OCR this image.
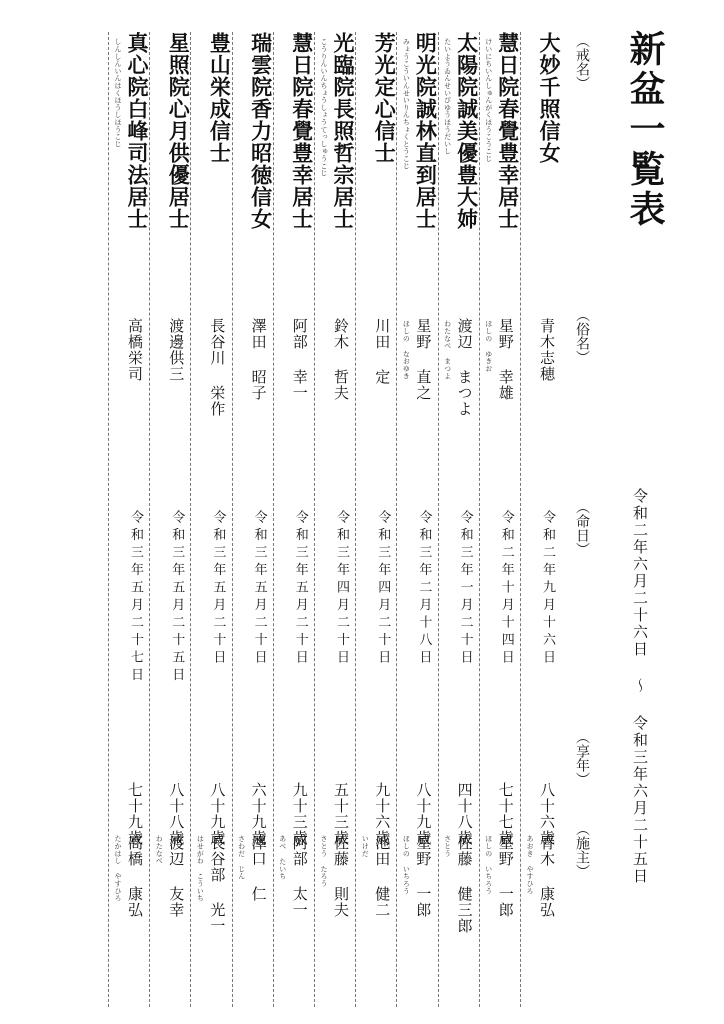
新盆一覧表
令和二年六月二十六日 ～ 令和三年六月二十五日
（戒名）
（俗名）
（命日）
（享年）
（施主）
大妙千照信女
青木志穂
令和二年九月十六日
八十六歳
青木 康弘
あおき やすひろ
慧日院春覺豊幸居士
星野 幸雄
令和二年十月十四日
七十七歳
星野 一郎
けいにちいんしゅんがくほうこうこじ
ほしの ゆきお
ほしの いちろう
太陽院誠美優豊大姉
渡辺 まつよ
令和三年一月二十日
四十八歳
佐藤 健三郎
たいようゐんせいびゆうほうだいし
わたなべ まつよ
さとう
明光院誠林直到居士
星野 直之
令和三年二月十八日
八十九歳
星野 一郎
みょうこういんせいりんちょくとうこじ
ほしの なおゆき
ほしの いちろう
芳光定心信士
川田 定
令和三年四月二十日
九十六歳
池田 健二
いけだ
光臨院長照哲宗居士
鈴木 哲夫
令和三年四月二十日
五十三歳
佐藤 則夫
こうりんいんちょうしょうてっしゅうこじ
さとう たろう
慧日院春覺豊幸居士
阿部 幸一
令和三年五月二十日
九十三歳
阿部 太一
あべ たいち
瑞雲院香力昭徳信女
澤田 昭子
令和三年五月二十日
六十九歳
澤口 仁
さわだ じん
豊山栄成信士
長谷川 栄作
令和三年五月二十日
八十九歳
長谷部 光一
はせがわ こういち
星照院心月供優居士
渡邊供三
令和三年五月二十五日
八十八歳
渡辺 友幸
わたなべ
真心院白峰司法居士
高橋栄司
令和三年五月二十七日
七十九歳
高橋 康弘
しんしんいんはくほうしほうこじ
たかはし やすひろ
